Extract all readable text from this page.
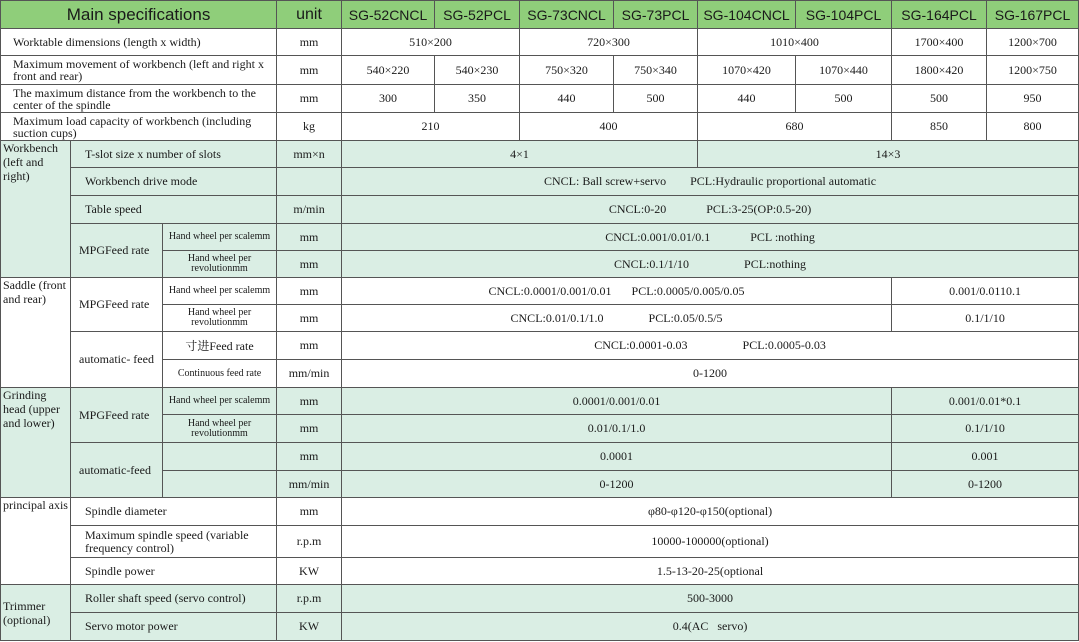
Main specifications			unit	SG-52CNCL	SG-52PCL	SG-73CNCL	SG-73PCL	SG-104CNCL	SG-104PCL	SG-164PCL	SG-167PCL
Worktable dimensions (length x width)			mm	510×200		720×300		1010×400		1700×400	1200×700
Maximum movement of workbench (left and right x front and rear)			mm	540×220	540×230	750×320	750×340	1070×420	1070×440	1800×420	1200×750
The maximum distance from the workbench to the center of the spindle			mm	300	350	440	500	440	500	500	950
Maximum load capacity of workbench (including suction cups)			kg	210		400		680		850	800
Workbench (left and right)	T-slot size x number of slots		mm×n	4×1				14×3			
	Workbench drive mode			CNCL: Ball screw+servo PCL:Hydraulic proportional automatic							
	Table speed		m/min	CNCL:0-20 PCL:3-25(OP:0.5-20)							
	MPGFeed rate	Hand wheel per scalemm	mm	CNCL:0.001/0.01/0.1 PCL :nothing							
		Hand wheel per revolutionmm	mm	CNCL:0.1/1/10 PCL:nothing							
Saddle (front and rear)	MPGFeed rate	Hand wheel per scalemm	mm	CNCL:0.0001/0.001/0.01 PCL:0.0005/0.005/0.05						0.001/0.0110.1	
		Hand wheel per revolutionmm	mm	CNCL:0.01/0.1/1.0 PCL:0.05/0.5/5						0.1/1/10	
	automatic- feed	寸进Feed rate	mm	CNCL:0.0001-0.03 PCL:0.0005-0.03							
		Continuous feed rate	mm/min	0-1200							
Grinding head (upper and lower)	MPGFeed rate	Hand wheel per scalemm	mm	0.0001/0.001/0.01						0.001/0.01*0.1	
		Hand wheel per revolutionmm	mm	0.01/0.1/1.0						0.1/1/10	
	automatic-feed		mm	0.0001						0.001	
			mm/min	0-1200						0-1200	
principal axis	Spindle diameter		mm	φ80-φ120-φ150(optional)							
	Maximum spindle speed (variable frequency control)		r.p.m	10000-100000(optional)							
	Spindle power		KW	1.5-13-20-25(optional							
Trimmer (optional)	Roller shaft speed (servo control)		r.p.m	500-3000							
	Servo motor power		KW	0.4(AC   servo)							
